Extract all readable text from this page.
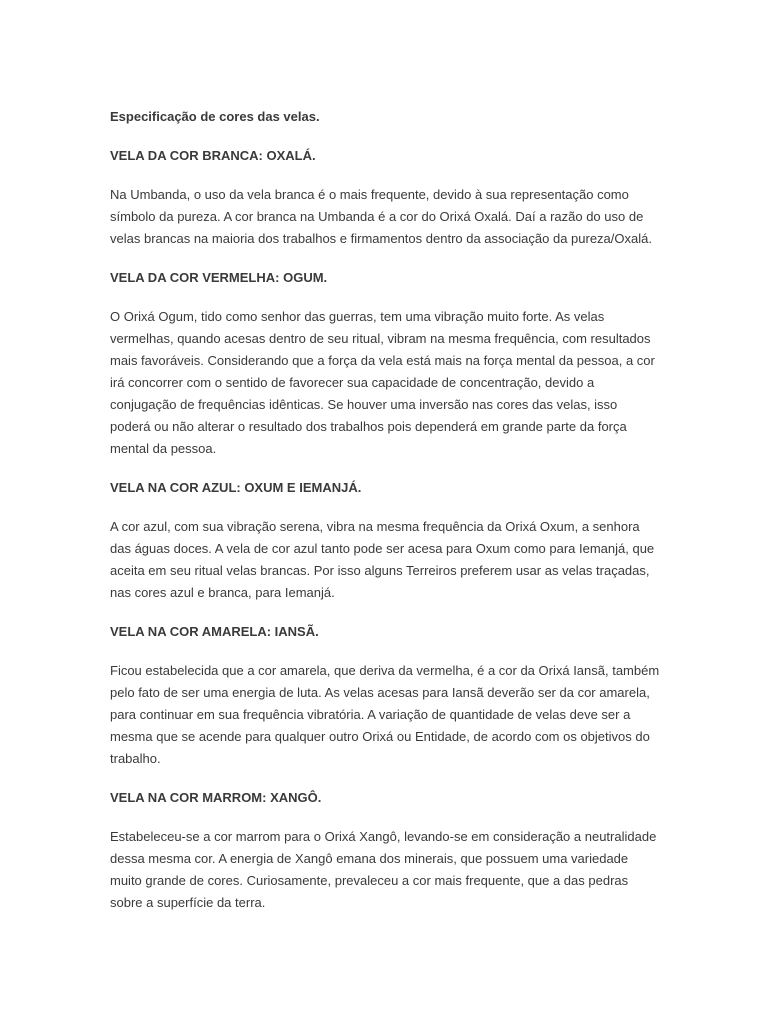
Especificação de cores das velas.

VELA DA COR BRANCA: OXALÁ.

Na Umbanda, o uso da vela branca é o mais frequente, devido à sua representação como símbolo da pureza. A cor branca na Umbanda é a cor do Orixá Oxalá. Daí a razão do uso de velas brancas na maioria dos trabalhos e firmamentos dentro da associação da pureza/Oxalá.

VELA DA COR VERMELHA: OGUM.

O Orixá Ogum, tido como senhor das guerras, tem uma vibração muito forte. As velas vermelhas, quando acesas dentro de seu ritual, vibram na mesma frequência, com resultados mais favoráveis. Considerando que a força da vela está mais na força mental da pessoa, a cor irá concorrer com o sentido de favorecer sua capacidade de concentração, devido a conjugação de frequências idênticas. Se houver uma inversão nas cores das velas, isso poderá ou não alterar o resultado dos trabalhos pois dependerá em grande parte da força mental da pessoa.

VELA NA COR AZUL: OXUM E IEMANJÁ.

A cor azul, com sua vibração serena, vibra na mesma frequência da Orixá Oxum, a senhora das águas doces. A vela de cor azul tanto pode ser acesa para Oxum como para Iemanjá, que aceita em seu ritual velas brancas. Por isso alguns Terreiros preferem usar as velas traçadas, nas cores azul e branca, para Iemanjá.

VELA NA COR AMARELA: IANSÃ.

Ficou estabelecida que a cor amarela, que deriva da vermelha, é a cor da Orixá Iansã, também pelo fato de ser uma energia de luta. As velas acesas para Iansã deverão ser da cor amarela, para continuar em sua frequência vibratória. A variação de quantidade de velas deve ser a mesma que se acende para qualquer outro Orixá ou Entidade, de acordo com os objetivos do trabalho.

VELA NA COR MARROM: XANGÔ.

Estabeleceu-se a cor marrom para o Orixá Xangô, levando-se em consideração a neutralidade dessa mesma cor. A energia de Xangô emana dos minerais, que possuem uma variedade muito grande de cores. Curiosamente, prevaleceu a cor mais frequente, que a das pedras sobre a superfície da terra.
